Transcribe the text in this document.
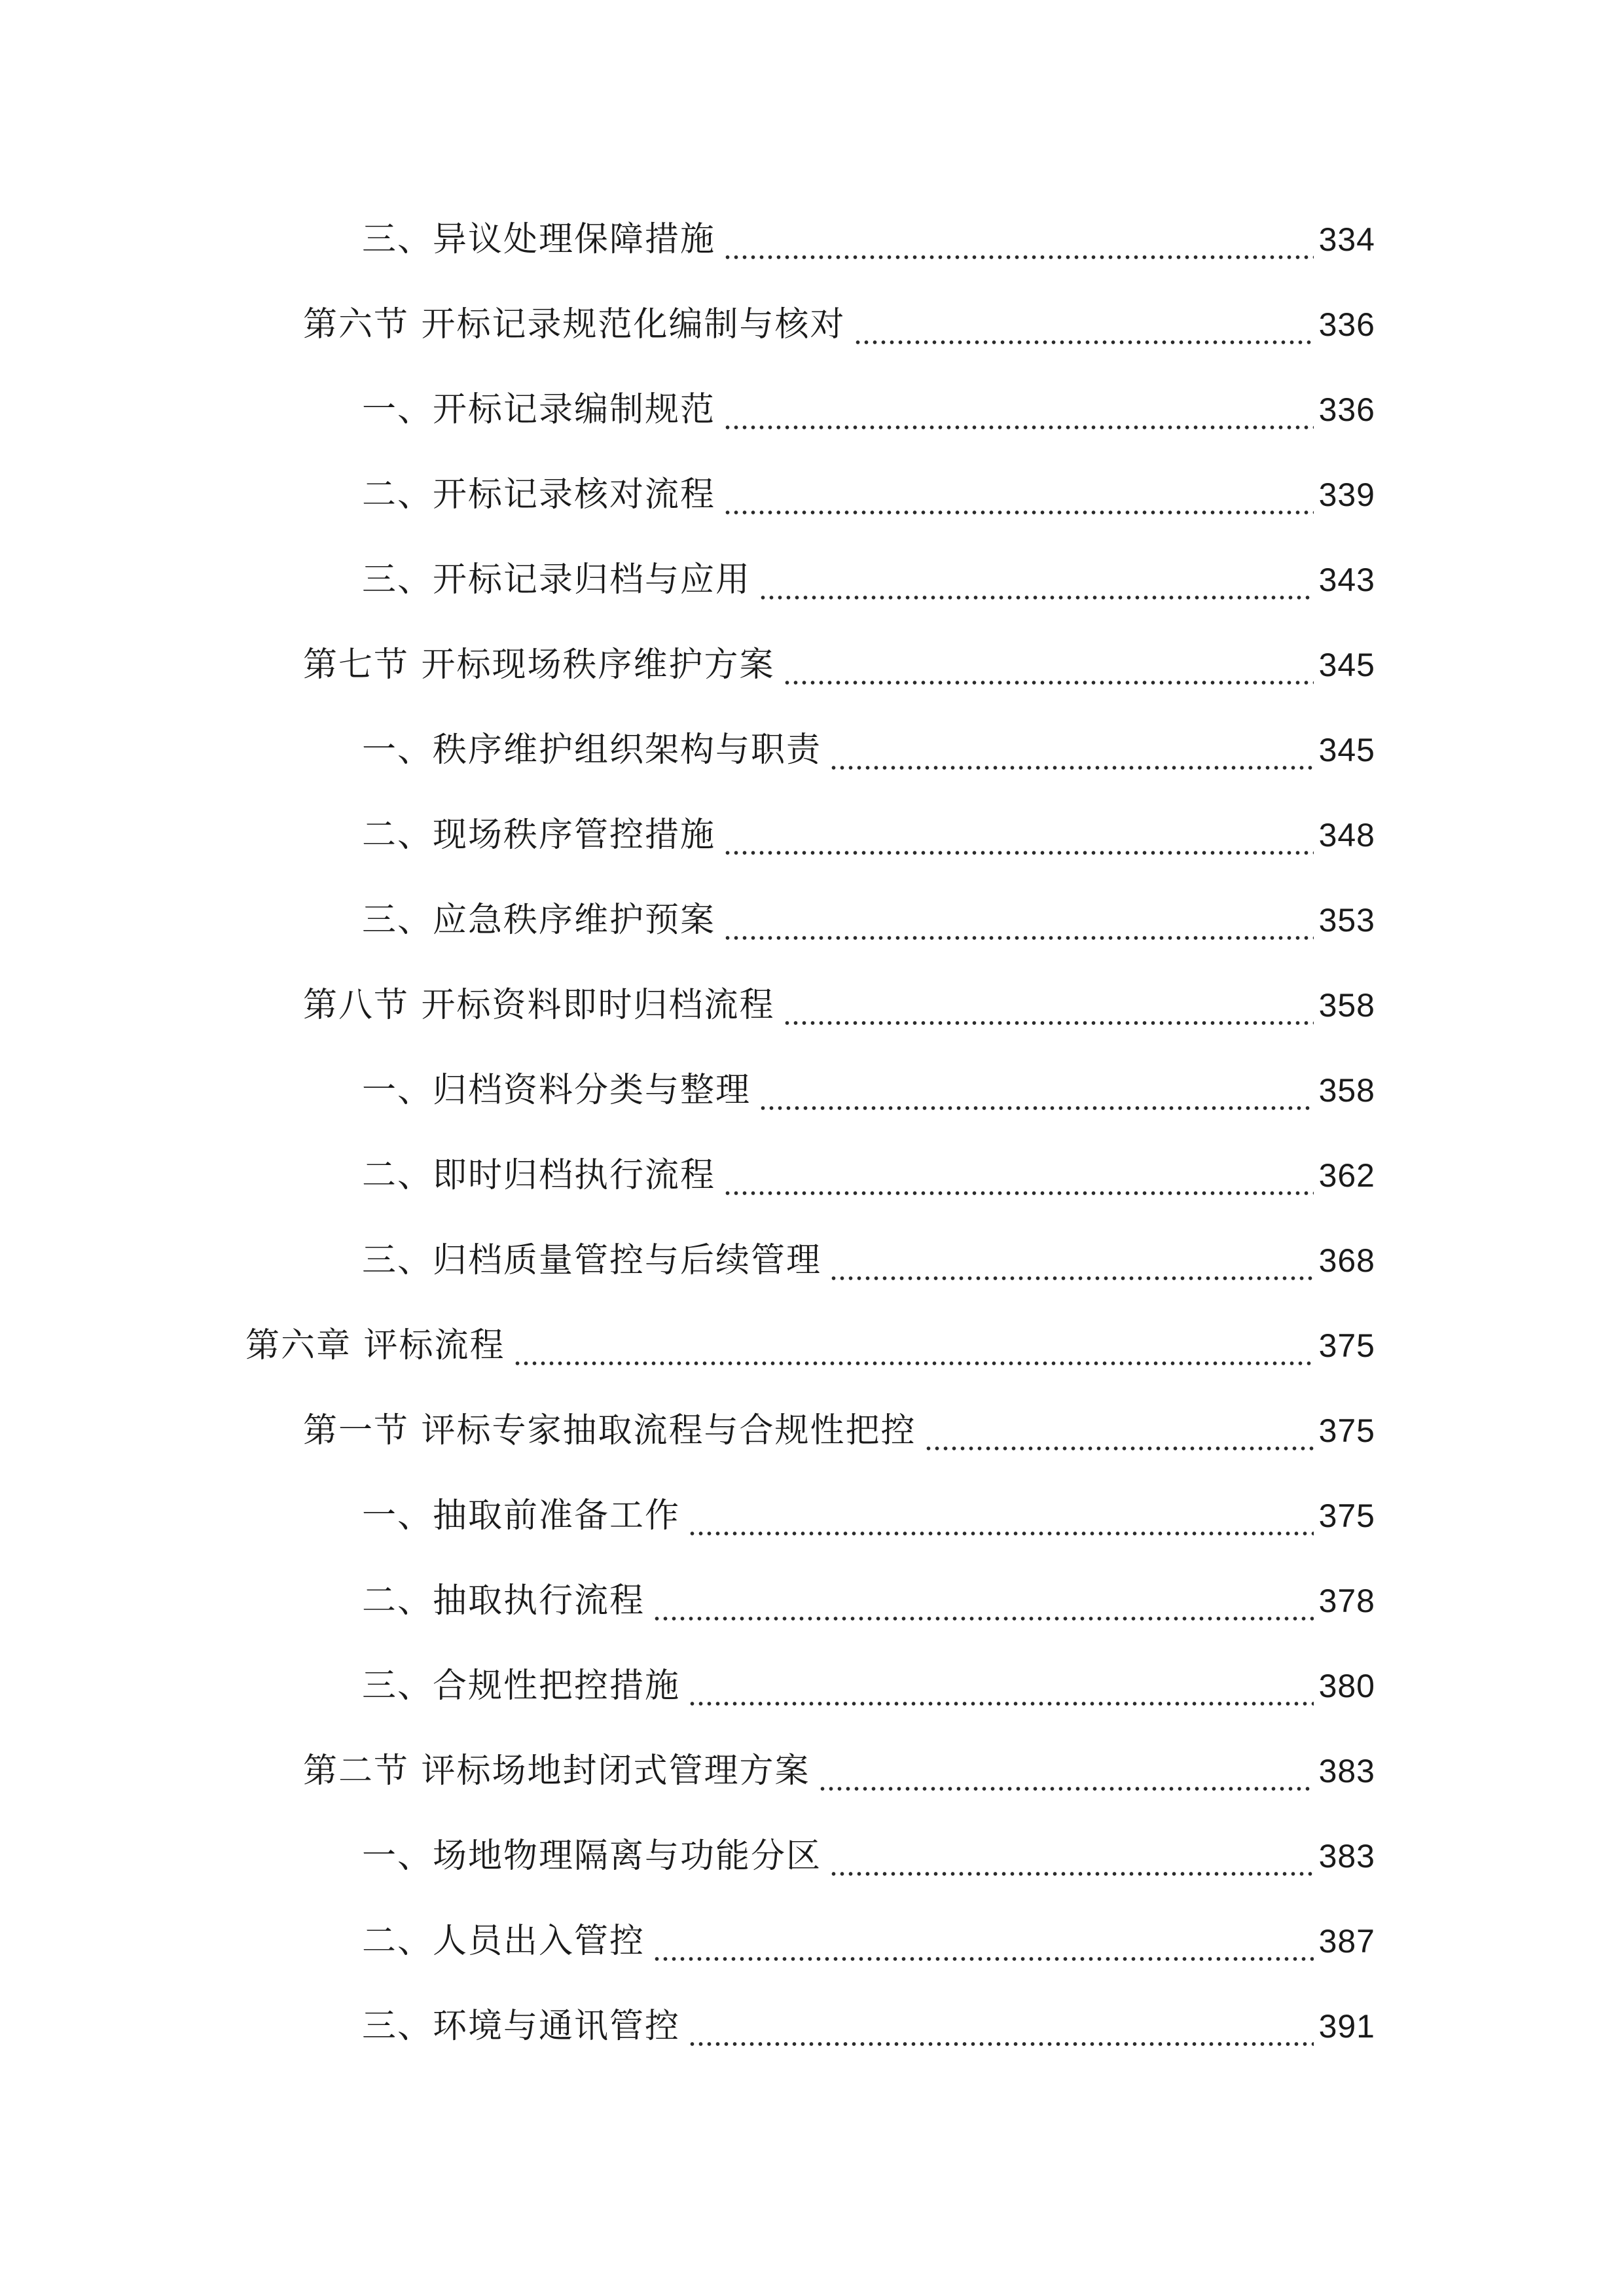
三、异议处理保障措施	334
第六节 开标记录规范化编制与核对	336
一、开标记录编制规范	336
二、开标记录核对流程	339
三、开标记录归档与应用	343
第七节 开标现场秩序维护方案	345
一、秩序维护组织架构与职责	345
二、现场秩序管控措施	348
三、应急秩序维护预案	353
第八节 开标资料即时归档流程	358
一、归档资料分类与整理	358
二、即时归档执行流程	362
三、归档质量管控与后续管理	368
第六章 评标流程	375
第一节 评标专家抽取流程与合规性把控	375
一、抽取前准备工作	375
二、抽取执行流程	378
三、合规性把控措施	380
第二节 评标场地封闭式管理方案	383
一、场地物理隔离与功能分区	383
二、人员出入管控	387
三、环境与通讯管控	391
